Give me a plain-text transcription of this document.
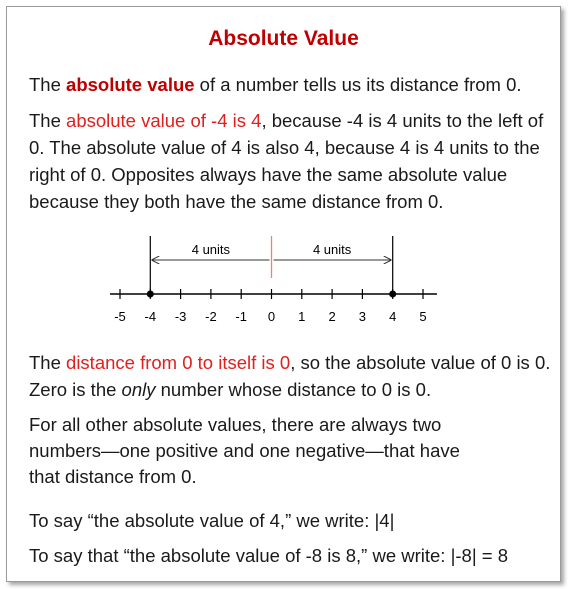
Absolute Value

The absolute value of a number tells us its distance from 0.

The absolute value of -4 is 4, because -4 is 4 units to the left of 0. The absolute value of 4 is also 4, because 4 is 4 units to the right of 0. Opposites always have the same absolute value because they both have the same distance from 0.

-5 -4 -3 -2 -1 0 1 2 3 4 5
4 units	4 units

The distance from 0 to itself is 0, so the absolute value of 0 is 0. Zero is the only number whose distance to 0 is 0.

For all other absolute values, there are always two
numbers—one positive and one negative—that have
that distance from 0.

To say “the absolute value of 4,” we write: |4|

To say that “the absolute value of -8 is 8,” we write: |-8| = 8
